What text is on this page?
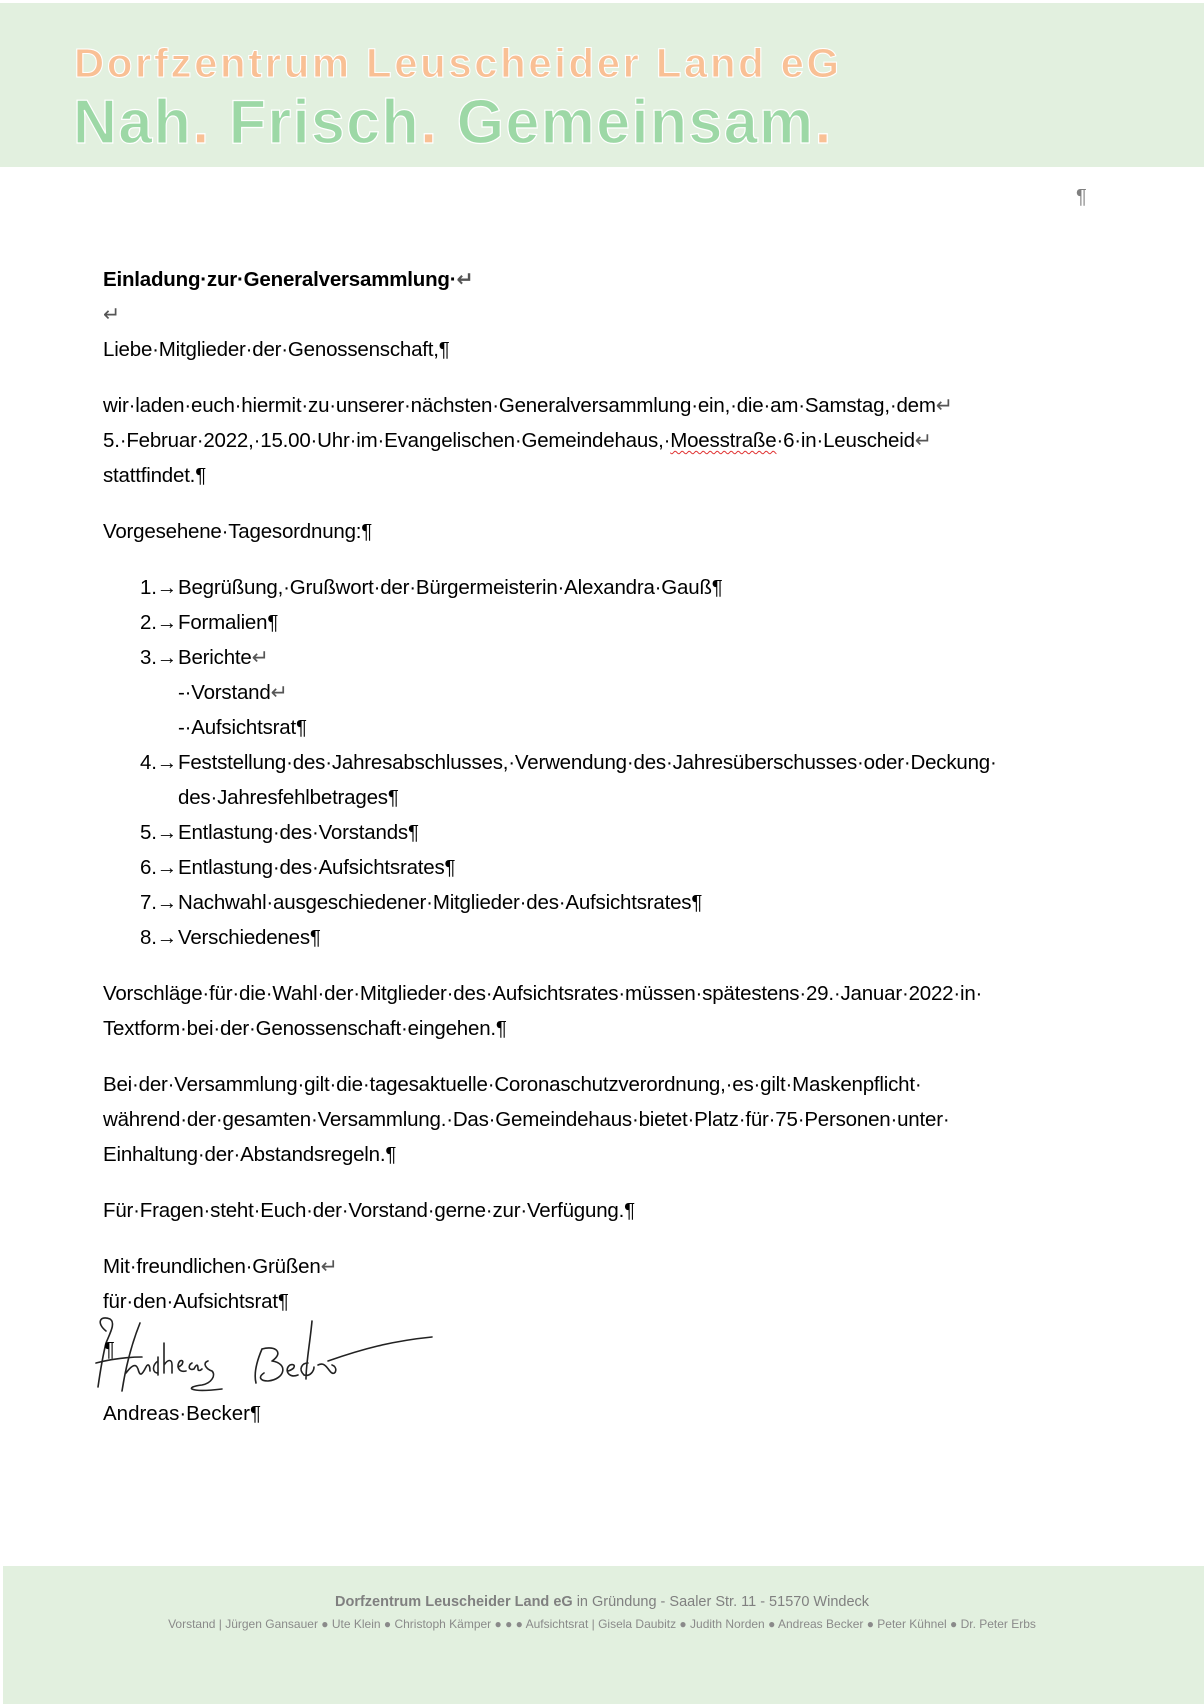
Dorfzentrum Leuscheider Land eG
Nah. Frisch. Gemeinsam.
¶

Einladung·zur·Generalversammlung·↵

↵

Liebe·Mitglieder·der·Genossenschaft,¶

wir·laden·euch·hiermit·zu·unserer·nächsten·Generalversammlung·ein,·die·am·Samstag,·dem↵

5.·Februar·2022,·15.00·Uhr·im·Evangelischen·Gemeindehaus,·Moesstraße·6·in·Leuscheid↵

stattfindet.¶

Vorgesehene·Tagesordnung:¶

1.→ Begrüßung,·Grußwort·der·Bürgermeisterin·Alexandra·Gauß¶
2.→ Formalien¶
3.→ Berichte↵
-·Vorstand↵
-·Aufsichtsrat¶
4.→ Feststellung·des·Jahresabschlusses,·Verwendung·des·Jahresüberschusses·oder·Deckung·
des·Jahresfehlbetrages¶
5.→ Entlastung·des·Vorstands¶
6.→ Entlastung·des·Aufsichtsrates¶
7.→ Nachwahl·ausgeschiedener·Mitglieder·des·Aufsichtsrates¶
8.→ Verschiedenes¶

Vorschläge·für·die·Wahl·der·Mitglieder·des·Aufsichtsrates·müssen·spätestens·29.·Januar·2022·in·

Textform·bei·der·Genossenschaft·eingehen.¶

Bei·der·Versammlung·gilt·die·tagesaktuelle·Coronaschutzverordnung,·es·gilt·Maskenpflicht·

während·der·gesamten·Versammlung.·Das·Gemeindehaus·bietet·Platz·für·75·Personen·unter·

Einhaltung·der·Abstandsregeln.¶

Für·Fragen·steht·Euch·der·Vorstand·gerne·zur·Verfügung.¶

Mit·freundlichen·Grüßen↵

für·den·Aufsichtsrat¶

¶
Andreas·Becker¶
Dorfzentrum Leuscheider Land eG in Gründung - Saaler Str. 11 - 51570 Windeck
Vorstand | Jürgen Gansauer ● Ute Klein ● Christoph Kämper ● ● ● Aufsichtsrat | Gisela Daubitz ● Judith Norden ● Andreas Becker ● Peter Kühnel ● Dr. Peter Erbs
